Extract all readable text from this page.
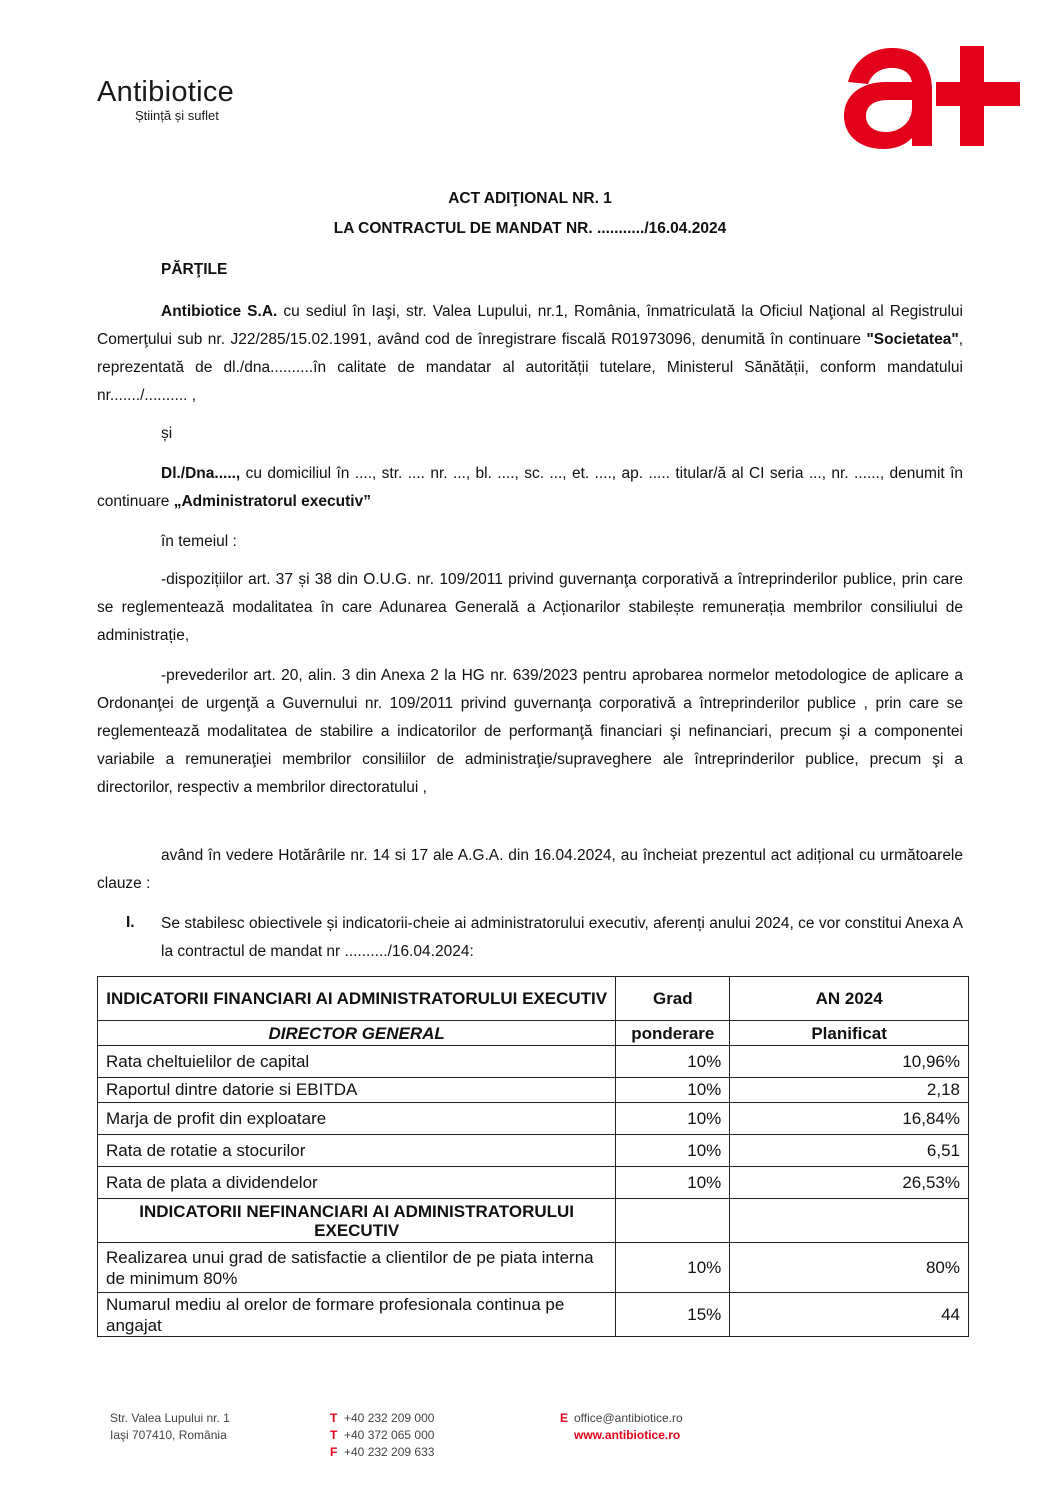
Antibiotice
Știință și suflet
ACT ADIŢIONAL NR. 1
LA CONTRACTUL DE MANDAT NR. .........../16.04.2024
PĂRŢILE
Antibiotice S.A. cu sediul în Iaşi, str. Valea Lupului, nr.1, România, înmatriculată la Oficiul Naţional al Registrului Comerţului sub nr. J22/285/15.02.1991, având cod de înregistrare fiscală R01973096, denumită în continuare "Societatea", reprezentată de dl./dna..........în calitate de mandatar al autorității tutelare, Ministerul Sănătății, conform mandatului nr......./.......... ,
și
Dl./Dna....., cu domiciliul în ...., str. .... nr. ..., bl. ...., sc. ..., et. ...., ap. ..... titular/ă al CI seria ..., nr. ......, denumit în continuare „Administratorul executiv”
în temeiul :
-dispozițiilor art. 37 și 38 din O.U.G. nr. 109/2011 privind guvernanţa corporativă a întreprinderilor publice, prin care se reglementează modalitatea în care Adunarea Generală a Acționarilor stabilește remunerația membrilor consiliului de administrație,
-prevederilor art. 20, alin. 3 din Anexa 2 la HG nr. 639/2023 pentru aprobarea normelor metodologice de aplicare a Ordonanţei de urgenţă a Guvernului nr. 109/2011 privind guvernanţa corporativă a întreprinderilor publice , prin care se reglementează modalitatea de stabilire a indicatorilor de performanţă financiari şi nefinanciari, precum şi a componentei variabile a remuneraţiei membrilor consiliilor de administraţie/supraveghere ale întreprinderilor publice, precum şi a directorilor, respectiv a membrilor directoratului ,
având în vedere Hotărârile nr. 14 si 17 ale A.G.A. din 16.04.2024, au încheiat prezentul act adițional cu următoarele clauze :
I. Se stabilesc obiectivele și indicatorii-cheie ai administratorului executiv, aferenți anului 2024, ce vor constitui Anexa A la contractul de mandat nr ........../16.04.2024:
INDICATORII FINANCIARI AI ADMINISTRATORULUI EXECUTIV	Grad	AN 2024
DIRECTOR GENERAL	ponderare	Planificat
Rata cheltuielilor de capital	10%	10,96%
Raportul dintre datorie si EBITDA	10%	2,18
Marja de profit din exploatare	10%	16,84%
Rata de rotatie a stocurilor	10%	6,51
Rata de plata a dividendelor	10%	26,53%
INDICATORII NEFINANCIARI AI ADMINISTRATORULUI EXECUTIV		
Realizarea unui grad de satisfactie a clientilor de pe piata interna de minimum 80%	10%	80%
Numarul mediu al orelor de formare profesionala continua pe angajat	15%	44
Str. Valea Lupului nr. 1
Iaşi 707410, România
T +40 232 209 000
T +40 372 065 000
F +40 232 209 633
E office@antibiotice.ro
www.antibiotice.ro
